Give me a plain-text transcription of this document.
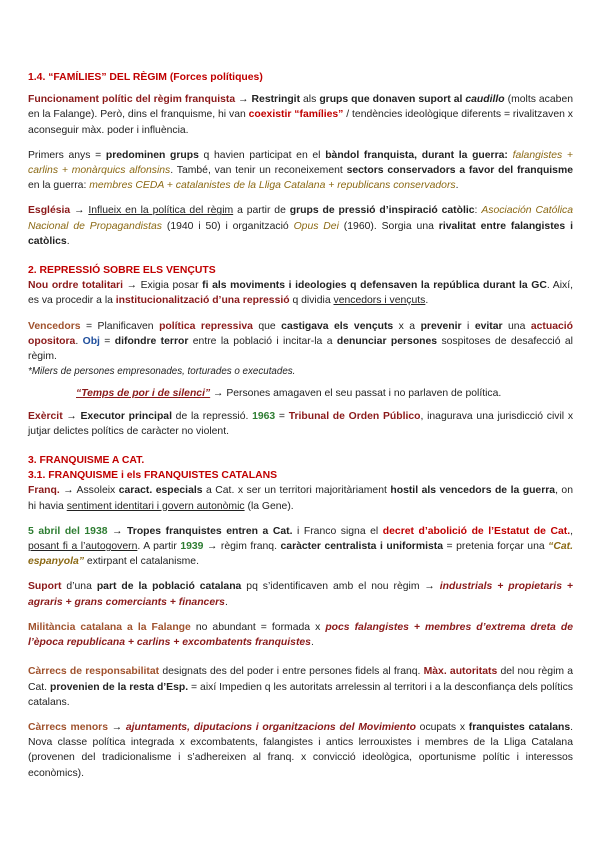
1.4. “FAMÍLIES” DEL RÈGIM (Forces polítiques)

Funcionament polític del règim franquista → Restringit als grups que donaven suport al caudillo (molts acaben en la Falange). Però, dins el franquisme, hi van coexistir “famílies” / tendències ideològique diferents = rivalitzaven x aconseguir màx. poder i influència.

Primers anys = predominen grups q havien participat en el bàndol franquista, durant la guerra: falangistes + carlins + monàrquics alfonsins. També, van tenir un reconeixement sectors conservadors a favor del franquisme en la guerra: membres CEDA + catalanistes de la Lliga Catalana + republicans conservadors.

Església → Influeix en la política del règim a partir de grups de pressió d’inspiració catòlic: Asociación Católica Nacional de Propagandistas (1940 i 50) i organització Opus Dei (1960). Sorgia una rivalitat entre falangistes i catòlics.

2. REPRESSIÓ SOBRE ELS VENÇUTS

Nou ordre totalitari → Exigia posar fi als moviments i ideologies q defensaven la república durant la GC. Així, es va procedir a la institucionalització d’una repressió q dividia vencedors i vençuts.

Vencedors = Planificaven política repressiva que castigava els vençuts x a prevenir i evitar una actuació opositora. Obj = difondre terror entre la població i incitar-la a denunciar persones sospitoses de desafecció al règim.

*Milers de persones empresonades, torturades o executades.

“Temps de por i de silenci” → Persones amagaven el seu passat i no parlaven de política.

Exèrcit → Executor principal de la repressió. 1963 = Tribunal de Orden Público, inagurava una jurisdicció civil x jutjar delictes polítics de caràcter no violent.

3. FRANQUISME A CAT.

3.1. FRANQUISME i els FRANQUISTES CATALANS

Franq. → Assoleix caract. especials a Cat. x ser un territori majoritàriament hostil als vencedors de la guerra, on hi havia sentiment identitari i govern autonòmic (la Gene).

5 abril del 1938 → Tropes franquistes entren a Cat. i Franco signa el decret d’abolició de l’Estatut de Cat., posant fi a l’autogovern. A partir 1939 → règim franq. caràcter centralista i uniformista = pretenia forçar una “Cat. espanyola” extirpant el catalanisme.

Suport d’una part de la població catalana pq s’identificaven amb el nou règim → industrials + propietaris + agraris + grans comerciants + financers.

Militància catalana a la Falange no abundant = formada x pocs falangistes + membres d’extrema dreta de l’època republicana + carlins + excombatents franquistes.

Càrrecs de responsabilitat designats des del poder i entre persones fidels al franq. Màx. autoritats del nou règim a Cat. provenien de la resta d’Esp. = així Impedien q les autoritats arrelessin al territori i a la desconfiança dels polítics catalans.

Càrrecs menors → ajuntaments, diputacions i organitzacions del Movimiento ocupats x franquistes catalans. Nova classe política integrada x excombatents, falangistes i antics lerrouxistes i membres de la Lliga Catalana (provenen del tradicionalisme i s’adhereixen al franq. x convicció ideològica, oportunisme polític i interessos econòmics).
